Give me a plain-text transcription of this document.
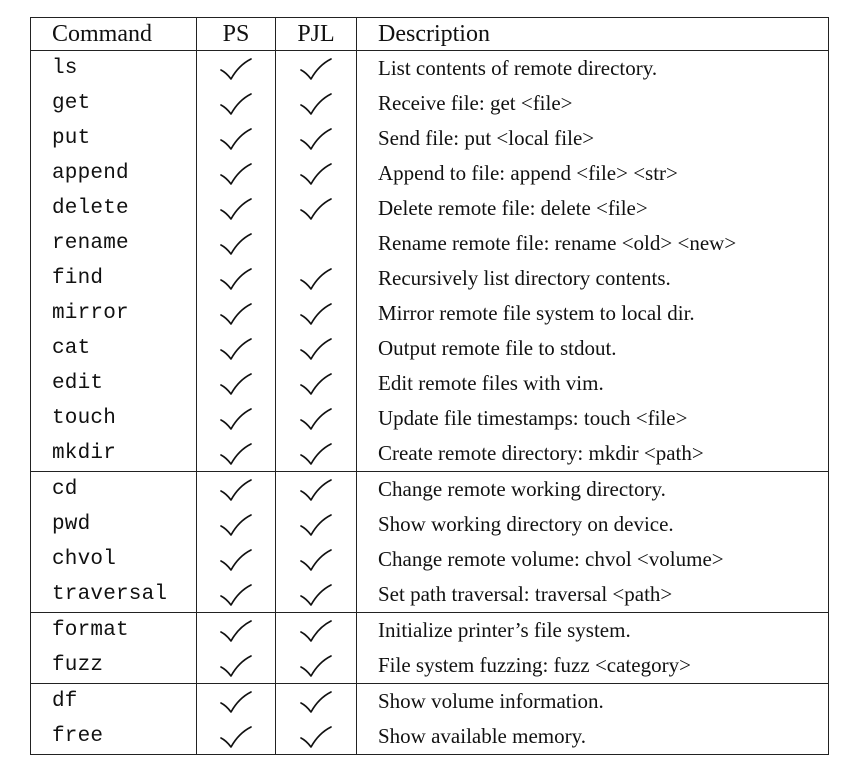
Command	PS	PJL	Description
ls			List contents of remote directory.
get			Receive file: get <file>
put			Send file: put <local file>
append			Append to file: append <file> <str>
delete			Delete remote file: delete <file>
rename			Rename remote file: rename <old> <new>
find			Recursively list directory contents.
mirror			Mirror remote file system to local dir.
cat			Output remote file to stdout.
edit			Edit remote files with vim.
touch			Update file timestamps: touch <file>
mkdir			Create remote directory: mkdir <path>
cd			Change remote working directory.
pwd			Show working directory on device.
chvol			Change remote volume: chvol <volume>
traversal			Set path traversal: traversal <path>
format			Initialize printer’s file system.
fuzz			File system fuzzing: fuzz <category>
df			Show volume information.
free			Show available memory.
